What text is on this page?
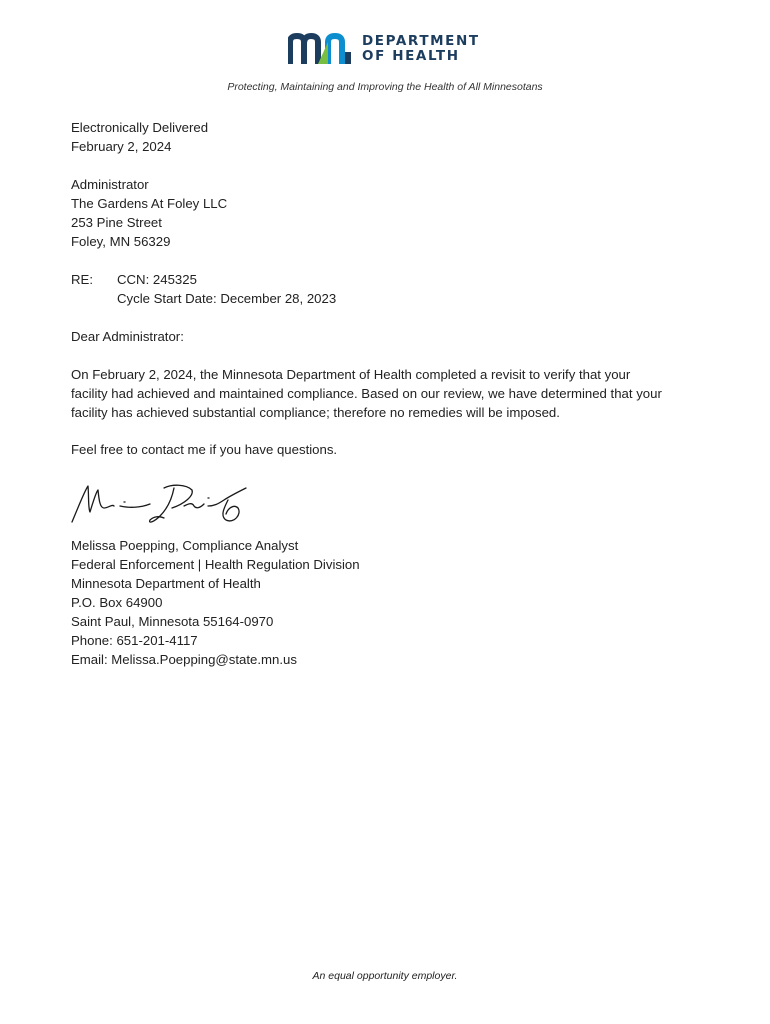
DEPARTMENT
OF HEALTH
Protecting, Maintaining and Improving the Health of All Minnesotans
Electronically Delivered
February 2, 2024
Administrator
The Gardens At Foley LLC
253 Pine Street
Foley, MN 56329
RE:	CCN: 245325
Cycle Start Date: December 28, 2023
Dear Administrator:
On February 2, 2024, the Minnesota Department of Health completed a revisit to verify that your
facility had achieved and maintained compliance. Based on our review, we have determined that your
facility has achieved substantial compliance; therefore no remedies will be imposed.
Feel free to contact me if you have questions.
Melissa Poepping, Compliance Analyst
Federal Enforcement | Health Regulation Division
Minnesota Department of Health
P.O. Box 64900
Saint Paul, Minnesota 55164-0970
Phone: 651-201-4117
Email: Melissa.Poepping@state.mn.us
An equal opportunity employer.
